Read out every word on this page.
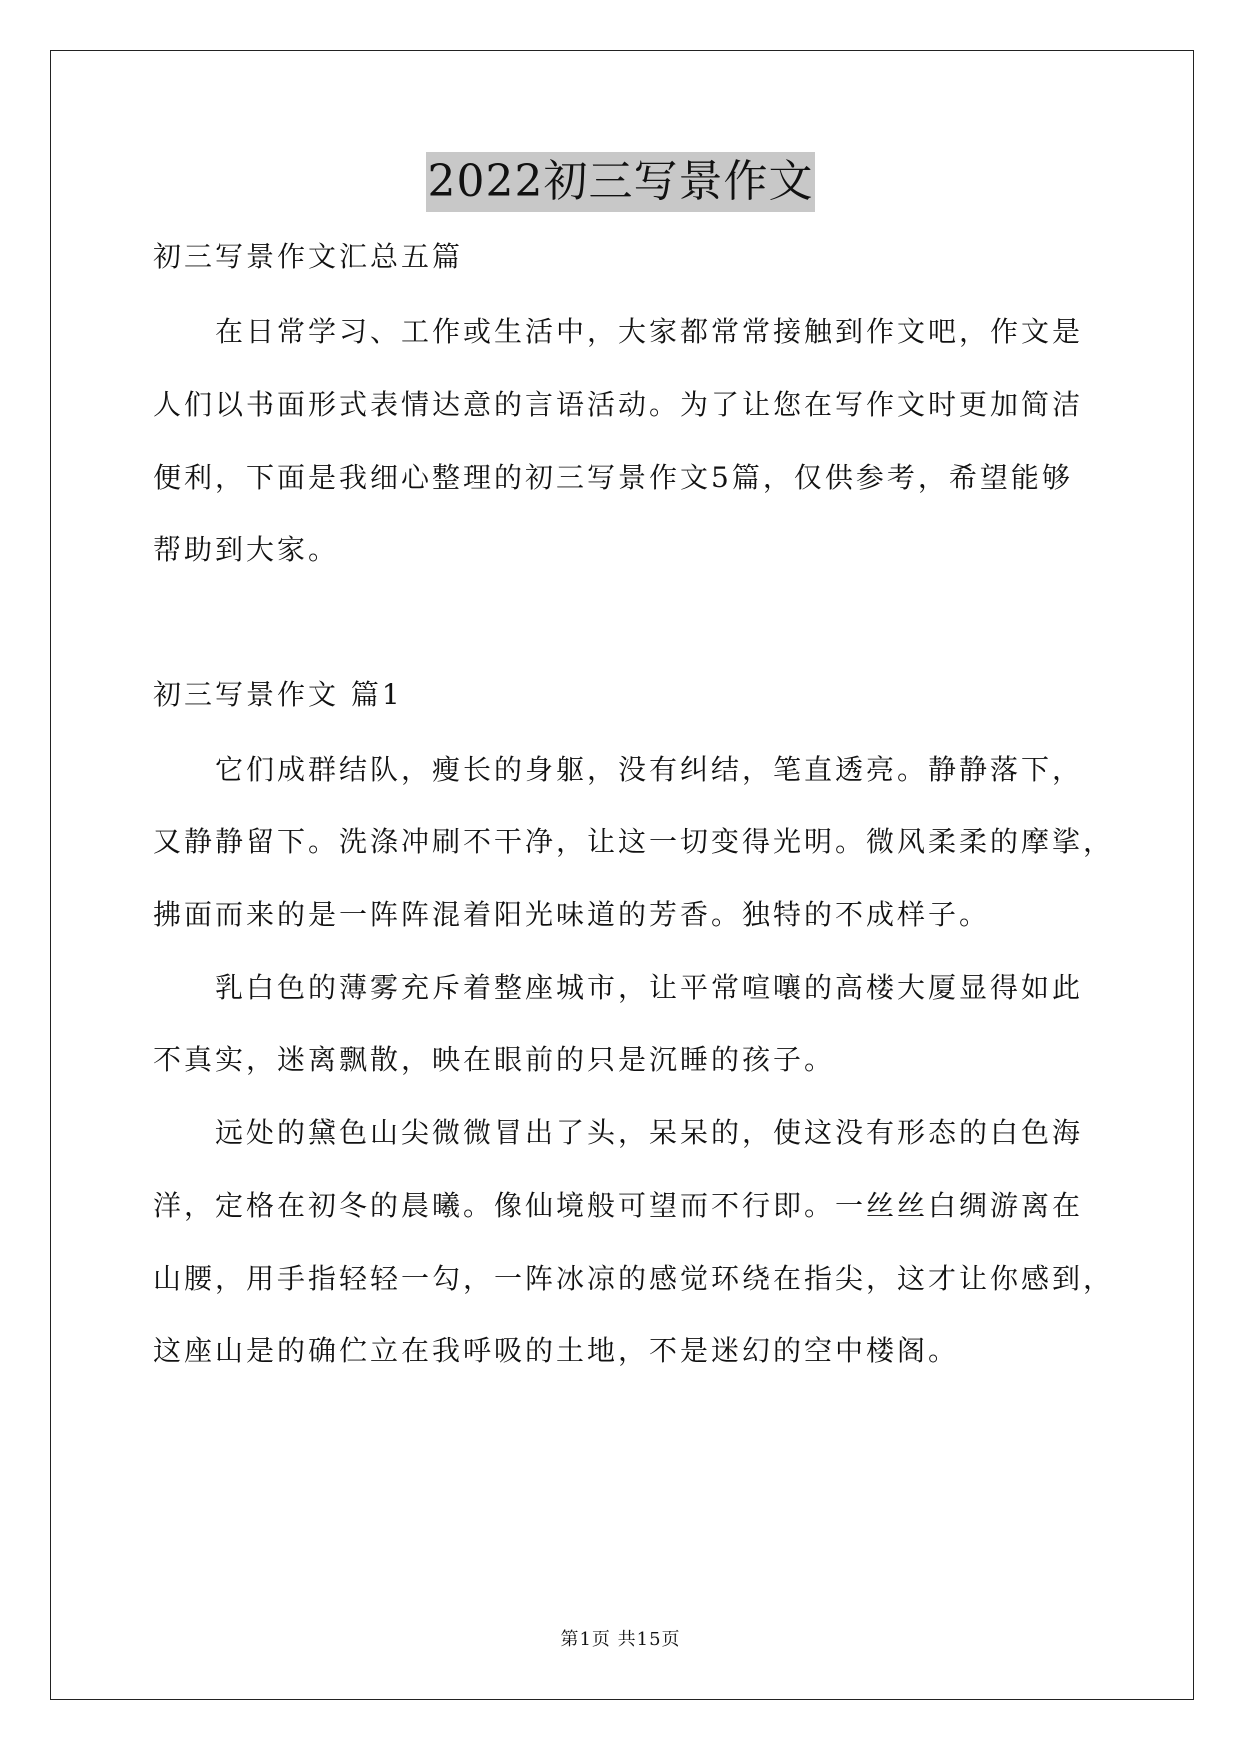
2022初三写景作文
初三写景作文汇总五篇
在日常学习、工作或生活中，大家都常常接触到作文吧，作文是
人们以书面形式表情达意的言语活动。为了让您在写作文时更加简洁
便利，下面是我细心整理的初三写景作文5篇，仅供参考，希望能够
帮助到大家。
初三写景作文 篇1
它们成群结队，瘦长的身躯，没有纠结，笔直透亮。静静落下，
又静静留下。洗涤冲刷不干净，让这一切变得光明。微风柔柔的摩挲，
拂面而来的是一阵阵混着阳光味道的芳香。独特的不成样子。
乳白色的薄雾充斥着整座城市，让平常喧嚷的高楼大厦显得如此
不真实，迷离飘散，映在眼前的只是沉睡的孩子。
远处的黛色山尖微微冒出了头，呆呆的，使这没有形态的白色海
洋，定格在初冬的晨曦。像仙境般可望而不行即。一丝丝白绸游离在
山腰，用手指轻轻一勾，一阵冰凉的感觉环绕在指尖，这才让你感到，
这座山是的确伫立在我呼吸的土地，不是迷幻的空中楼阁。
第1页 共15页
